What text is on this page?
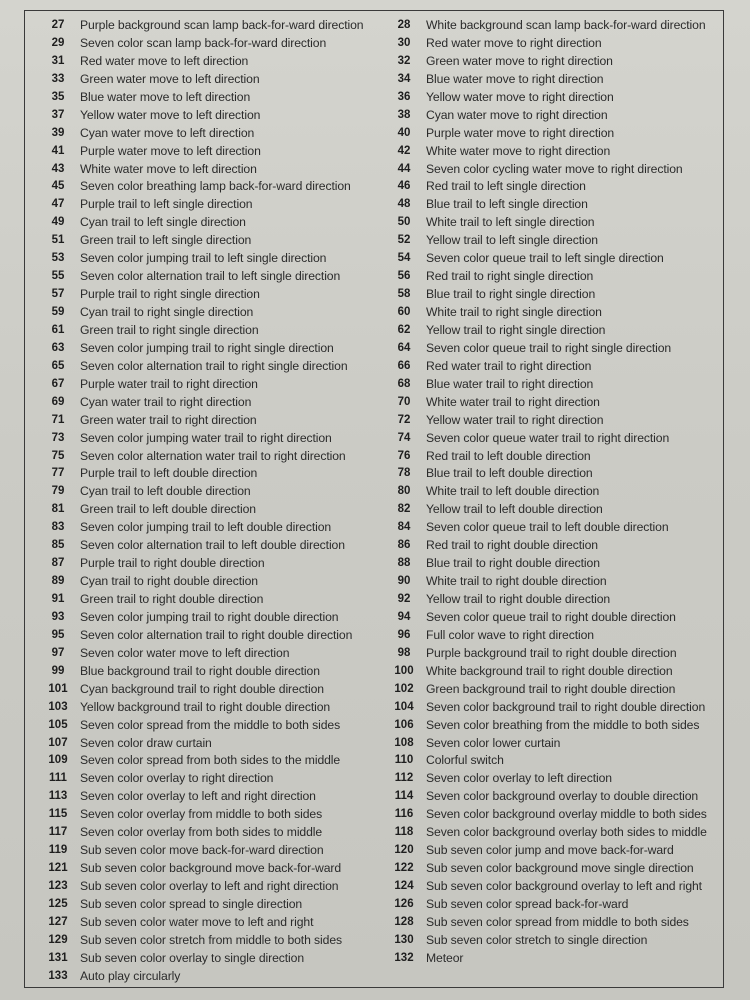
27	Purple background scan lamp back-for-ward direction
29	Seven color scan lamp back-for-ward direction
31	Red water move to left direction
33	Green water move to left direction
35	Blue water move to left direction
37	Yellow water move to left direction
39	Cyan water move to left direction
41	Purple water move to left direction
43	White water move to left direction
45	Seven color breathing lamp back-for-ward direction
47	Purple trail to left single direction
49	Cyan trail to left single direction
51	Green trail to left single direction
53	Seven color jumping trail to left single direction
55	Seven color alternation trail to left single direction
57	Purple trail to right single direction
59	Cyan trail to right single direction
61	Green trail to right single direction
63	Seven color jumping trail to right single direction
65	Seven color alternation trail to right single direction
67	Purple water trail to right direction
69	Cyan water trail to right direction
71	Green water trail to right direction
73	Seven color jumping water trail to right direction
75	Seven color alternation water trail to right direction
77	Purple trail to left double direction
79	Cyan trail to left double direction
81	Green trail to left double direction
83	Seven color jumping trail to left double direction
85	Seven color alternation trail to left double direction
87	Purple trail to right double direction
89	Cyan trail to right double direction
91	Green trail to right double direction
93	Seven color jumping trail to right double direction
95	Seven color alternation trail to right double direction
97	Seven color water move to left direction
99	Blue background trail to right double direction
101	Cyan background trail to right double direction
103	Yellow background trail to right double direction
105	Seven color spread from the middle to both sides
107	Seven color draw curtain
109	Seven color spread from both sides to the middle
111	Seven color overlay to right direction
113	Seven color overlay to left and right direction
115	Seven color overlay from middle to both sides
117	Seven color overlay from both sides to middle
119	Sub seven color move back-for-ward direction
121	Sub seven color background move back-for-ward
123	Sub seven color overlay to left and right direction
125	Sub seven color spread to single direction
127	Sub seven color water move to left and right
129	Sub seven color stretch from middle to both sides
131	Sub seven color overlay to single direction
133	Auto play circularly
28	White background scan lamp back-for-ward direction
30	Red water move to right direction
32	Green water move to right direction
34	Blue water move to right direction
36	Yellow water move to right direction
38	Cyan water move to right direction
40	Purple water move to right direction
42	White water move to right direction
44	Seven color cycling water move to right direction
46	Red trail to left single direction
48	Blue trail to left single direction
50	White trail to left single direction
52	Yellow trail to left single direction
54	Seven color queue trail to left single direction
56	Red trail to right single direction
58	Blue trail to right single direction
60	White trail to right single direction
62	Yellow trail to right single direction
64	Seven color queue trail to right single direction
66	Red water trail to right direction
68	Blue water trail to right direction
70	White water trail to right direction
72	Yellow water trail to right direction
74	Seven color queue water trail to right direction
76	Red trail to left double direction
78	Blue trail to left double direction
80	White trail to left double direction
82	Yellow trail to left double direction
84	Seven color queue trail to left double direction
86	Red trail to right double direction
88	Blue trail to right double direction
90	White trail to right double direction
92	Yellow trail to right double direction
94	Seven color queue trail to right double direction
96	Full color wave to right direction
98	Purple background trail to right double direction
100	White background trail to right double direction
102	Green background trail to right double direction
104	Seven color background trail to right double direction
106	Seven color breathing from the middle to both sides
108	Seven color lower curtain
110	Colorful switch
112	Seven color overlay to left direction
114	Seven color background overlay to double direction
116	Seven color background overlay middle to both sides
118	Seven color background overlay both sides to middle
120	Sub seven color jump and move back-for-ward
122	Sub seven color background move single direction
124	Sub seven color background overlay to left and right
126	Sub seven color spread back-for-ward
128	Sub seven color spread from middle to both sides
130	Sub seven color stretch to single direction
132	Meteor
